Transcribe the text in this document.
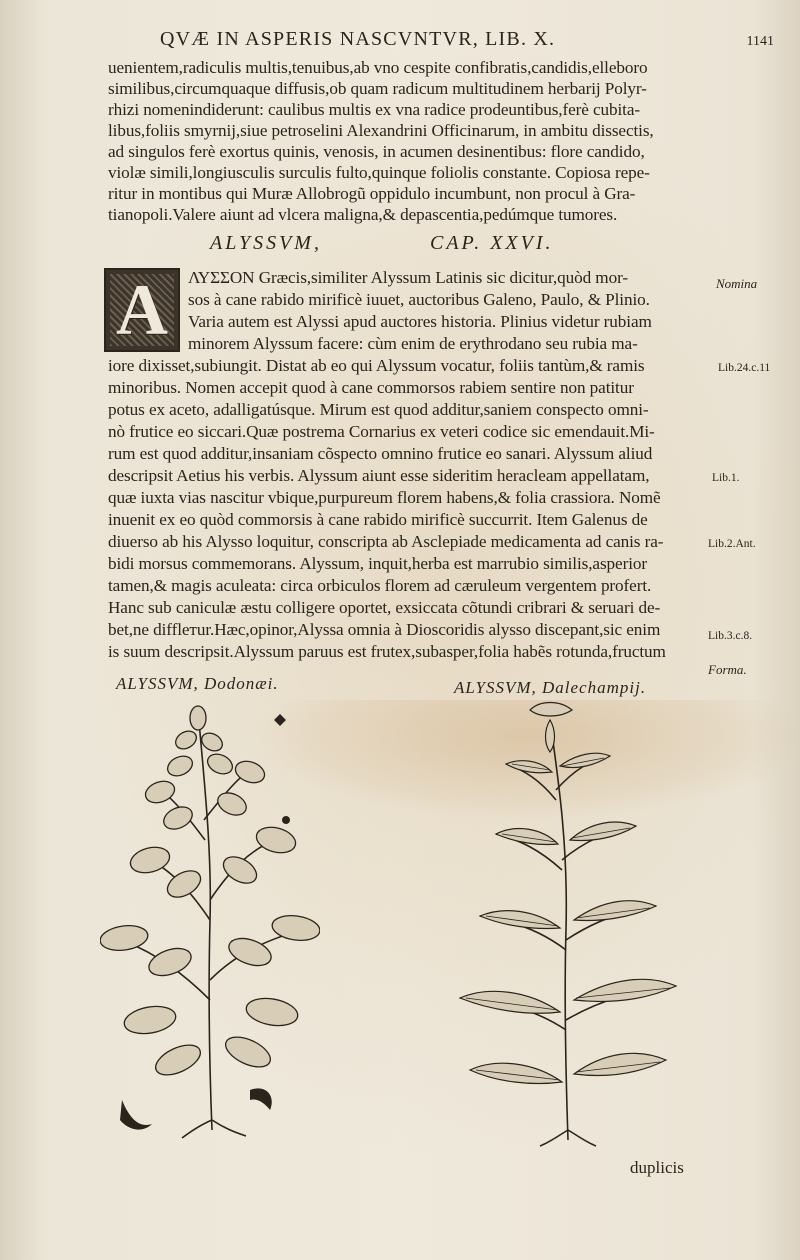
QVÆ IN ASPERIS NASCVNTVR, LIB. X.	1141
uenientem,radiculis multis,tenuibus,ab vno cespite confibratis,candidis,elleboro
similibus,circumquaque diffusis,ob quam radicum multitudinem herbarij Polyr-
rhizi nomenindiderunt: caulibus multis ex vna radice prodeuntibus,ferè cubita-
libus,foliis smyrnij,siue petroselini Alexandrini Officinarum, in ambitu dissectis,
ad singulos ferè exortus quinis, venosis, in acumen desinentibus: flore candido,
violæ simili,longiusculis surculis fulto,quinque foliolis constante. Copiosa repe-
ritur in montibus qui Muræ Allobrogũ oppidulo incumbunt, non procul à Gra-
tianopoli.Valere aiunt ad vlcera maligna,& depascentia,pedúmque tumores.
ALYSSVM,	CAP. XXVI.
A ΛΥΣΣΟΝ Græcis,similiter Alyssum Latinis sic dicitur,quòd mor-
sos à cane rabido mirificè iuuet, auctoribus Galeno, Paulo, & Plinio.
Varia autem est Alyssi apud auctores historia. Plinius videtur rubiam
minorem Alyssum facere: cùm enim de erythrodano seu rubia ma-
iore dixisset,subiungit. Distat ab eo qui Alyssum vocatur, foliis tantùm,& ramis
minoribus. Nomen accepit quod à cane commorsos rabiem sentire non patitur
potus ex aceto, adalligatúsque. Mirum est quod additur,saniem conspecto omni-
nò frutice eo siccari.Quæ postrema Cornarius ex veteri codice sic emendauit.Mi-
rum est quod additur,insaniam cõspecto omnino frutice eo sanari. Alyssum aliud
descripsit Aetius his verbis. Alyssum aiunt esse sideritim heracleam appellatam,
quæ iuxta vias nascitur vbique,purpureum florem habens,& folia crassiora. Nomẽ
inuenit ex eo quòd commorsis à cane rabido mirificè succurrit. Item Galenus de
diuerso ab his Alysso loquitur, conscripta ab Asclepiade medicamenta ad canis ra-
bidi morsus commemorans. Alyssum, inquit,herba est marrubio similis,asperior
tamen,& magis aculeata: circa orbiculos florem ad cæruleum vergentem profert.
Hanc sub caniculæ æstu colligere oportet, exsiccata cõtundi cribrari & seruari de-
bet,ne difflетur.Hæc,opinor,Alyssa omnia à Dioscoridis alysso discepant,sic enim
is suum descripsit.Alyssum paruus est frutex,subasper,folia habẽs rotunda,fructum
Nomina
Lib.24.c.11
Lib.1.
Lib.2.Ant.
Lib.3.c.8.
Forma.
ALYSSVM, Dodonæi.	ALYSSVM, Dalechampij.
duplicis
